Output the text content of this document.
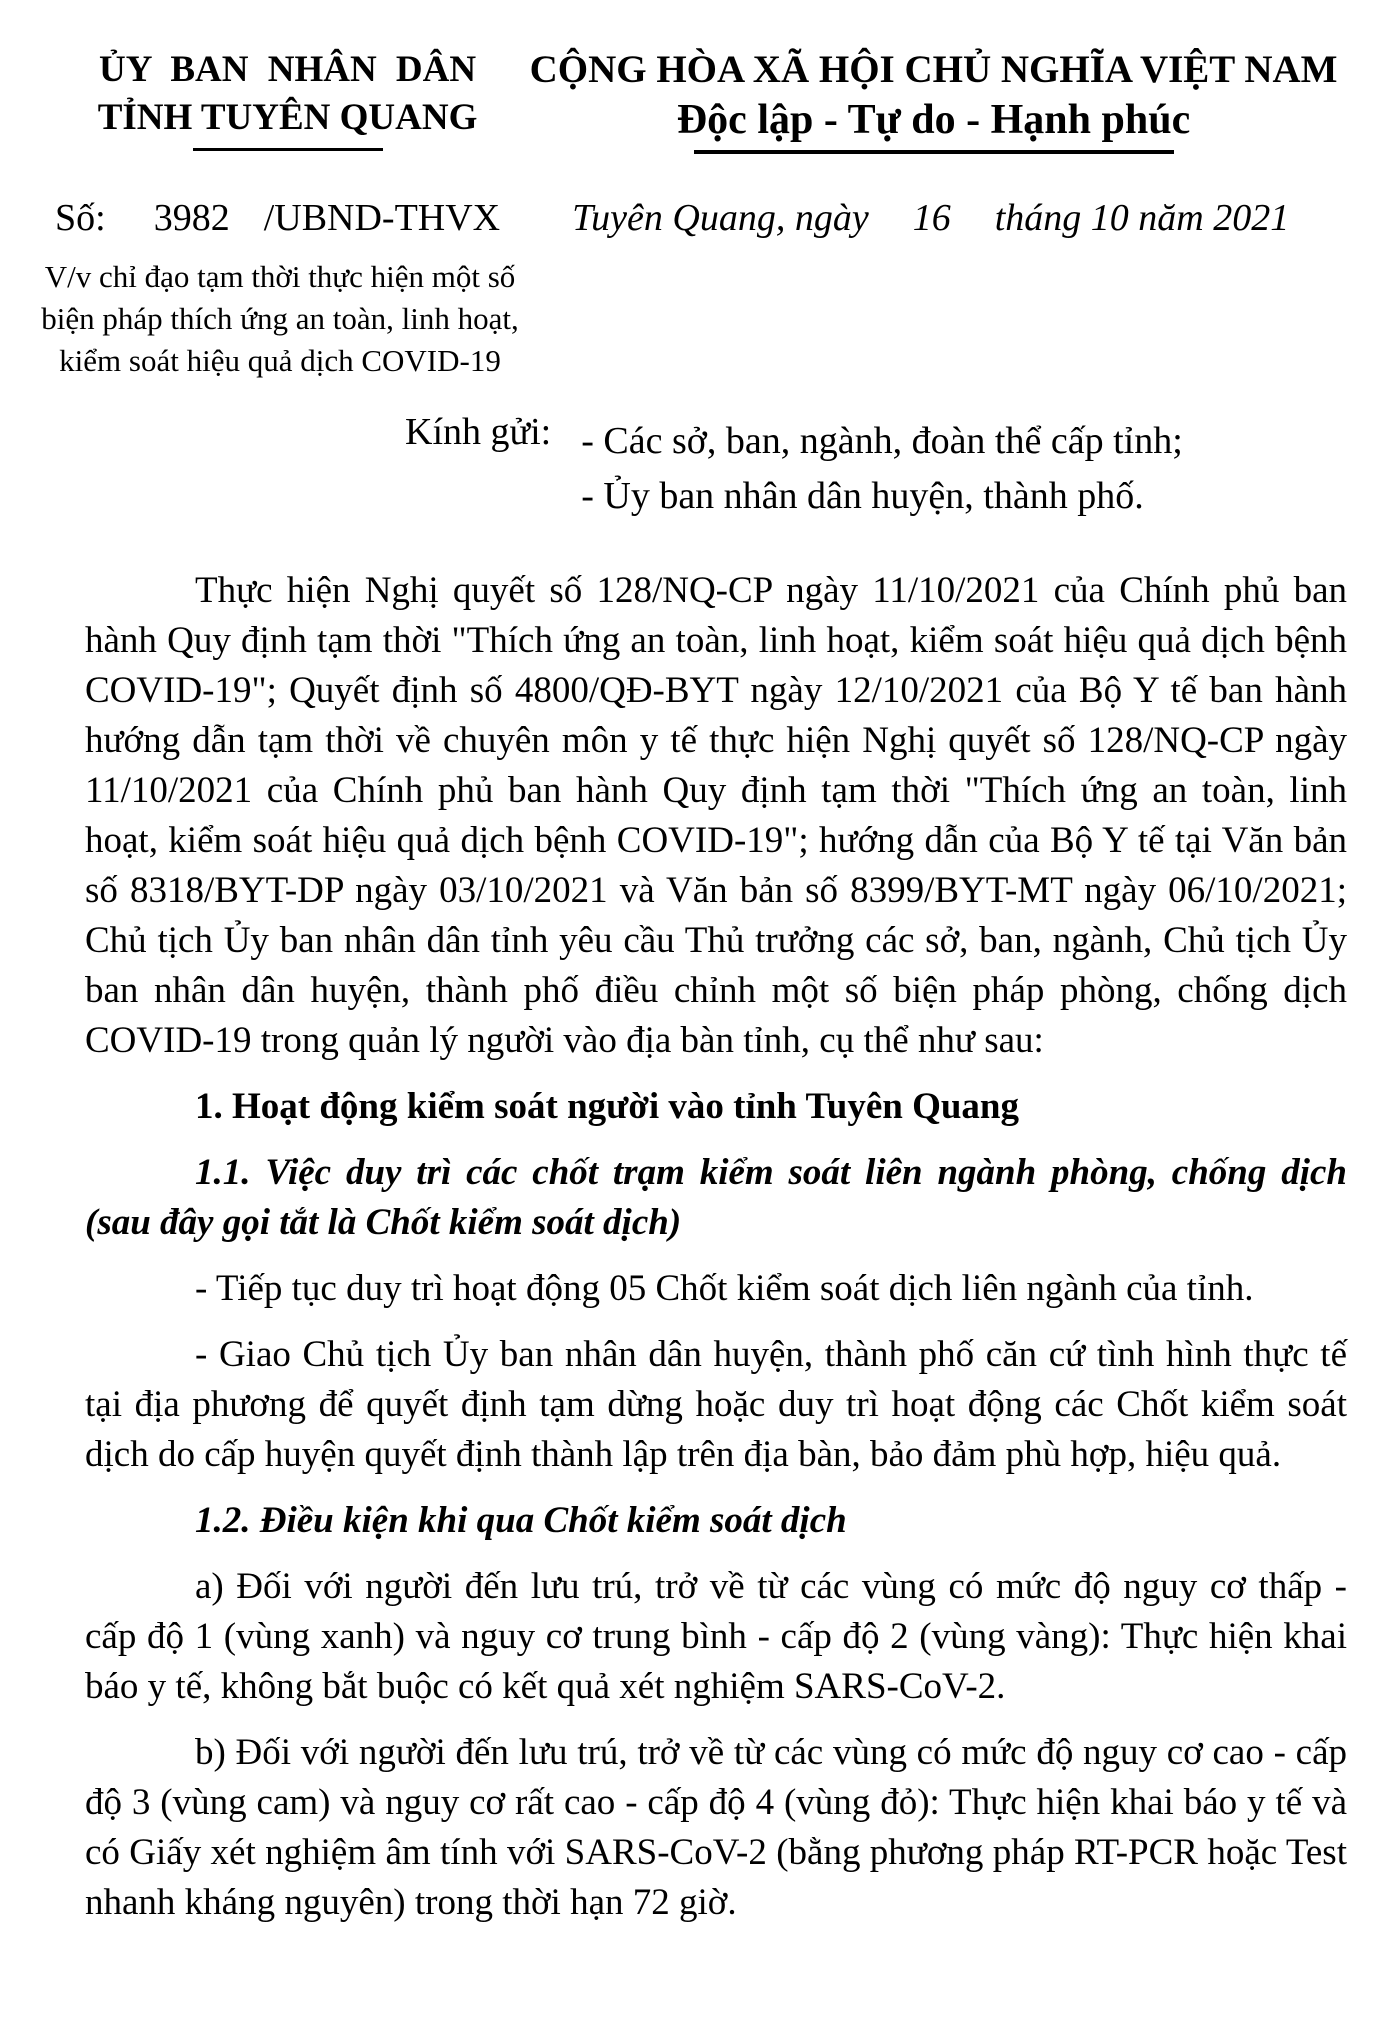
ỦY BAN NHÂN DÂN
TỈNH TUYÊN QUANG
CỘNG HÒA XÃ HỘI CHỦ NGHĨA VIỆT NAM
Độc lập - Tự do - Hạnh phúc
Số: 3982 /UBND-THVX	Tuyên Quang, ngày 16 tháng 10 năm 2021
V/v chỉ đạo tạm thời thực hiện một số
biện pháp thích ứng an toàn, linh hoạt,
kiểm soát hiệu quả dịch COVID-19
Kính gửi: - Các sở, ban, ngành, đoàn thể cấp tỉnh;
- Ủy ban nhân dân huyện, thành phố.

Thực hiện Nghị quyết số 128/NQ-CP ngày 11/10/2021 của Chính phủ ban hành Quy định tạm thời "Thích ứng an toàn, linh hoạt, kiểm soát hiệu quả dịch bệnh COVID-19"; Quyết định số 4800/QĐ-BYT ngày 12/10/2021 của Bộ Y tế ban hành hướng dẫn tạm thời về chuyên môn y tế thực hiện Nghị quyết số 128/NQ-CP ngày 11/10/2021 của Chính phủ ban hành Quy định tạm thời "Thích ứng an toàn, linh hoạt, kiểm soát hiệu quả dịch bệnh COVID-19"; hướng dẫn của Bộ Y tế tại Văn bản số 8318/BYT-DP ngày 03/10/2021 và Văn bản số 8399/BYT-MT ngày 06/10/2021; Chủ tịch Ủy ban nhân dân tỉnh yêu cầu Thủ trưởng các sở, ban, ngành, Chủ tịch Ủy ban nhân dân huyện, thành phố điều chỉnh một số biện pháp phòng, chống dịch COVID-19 trong quản lý người vào địa bàn tỉnh, cụ thể như sau:

1. Hoạt động kiểm soát người vào tỉnh Tuyên Quang

1.1. Việc duy trì các chốt trạm kiểm soát liên ngành phòng, chống dịch (sau đây gọi tắt là Chốt kiểm soát dịch)

- Tiếp tục duy trì hoạt động 05 Chốt kiểm soát dịch liên ngành của tỉnh.

- Giao Chủ tịch Ủy ban nhân dân huyện, thành phố căn cứ tình hình thực tế tại địa phương để quyết định tạm dừng hoặc duy trì hoạt động các Chốt kiểm soát dịch do cấp huyện quyết định thành lập trên địa bàn, bảo đảm phù hợp, hiệu quả.

1.2. Điều kiện khi qua Chốt kiểm soát dịch

a) Đối với người đến lưu trú, trở về từ các vùng có mức độ nguy cơ thấp - cấp độ 1 (vùng xanh) và nguy cơ trung bình - cấp độ 2 (vùng vàng): Thực hiện khai báo y tế, không bắt buộc có kết quả xét nghiệm SARS-CoV-2.

b) Đối với người đến lưu trú, trở về từ các vùng có mức độ nguy cơ cao - cấp độ 3 (vùng cam) và nguy cơ rất cao - cấp độ 4 (vùng đỏ): Thực hiện khai báo y tế và có Giấy xét nghiệm âm tính với SARS-CoV-2 (bằng phương pháp RT-PCR hoặc Test nhanh kháng nguyên) trong thời hạn 72 giờ.
